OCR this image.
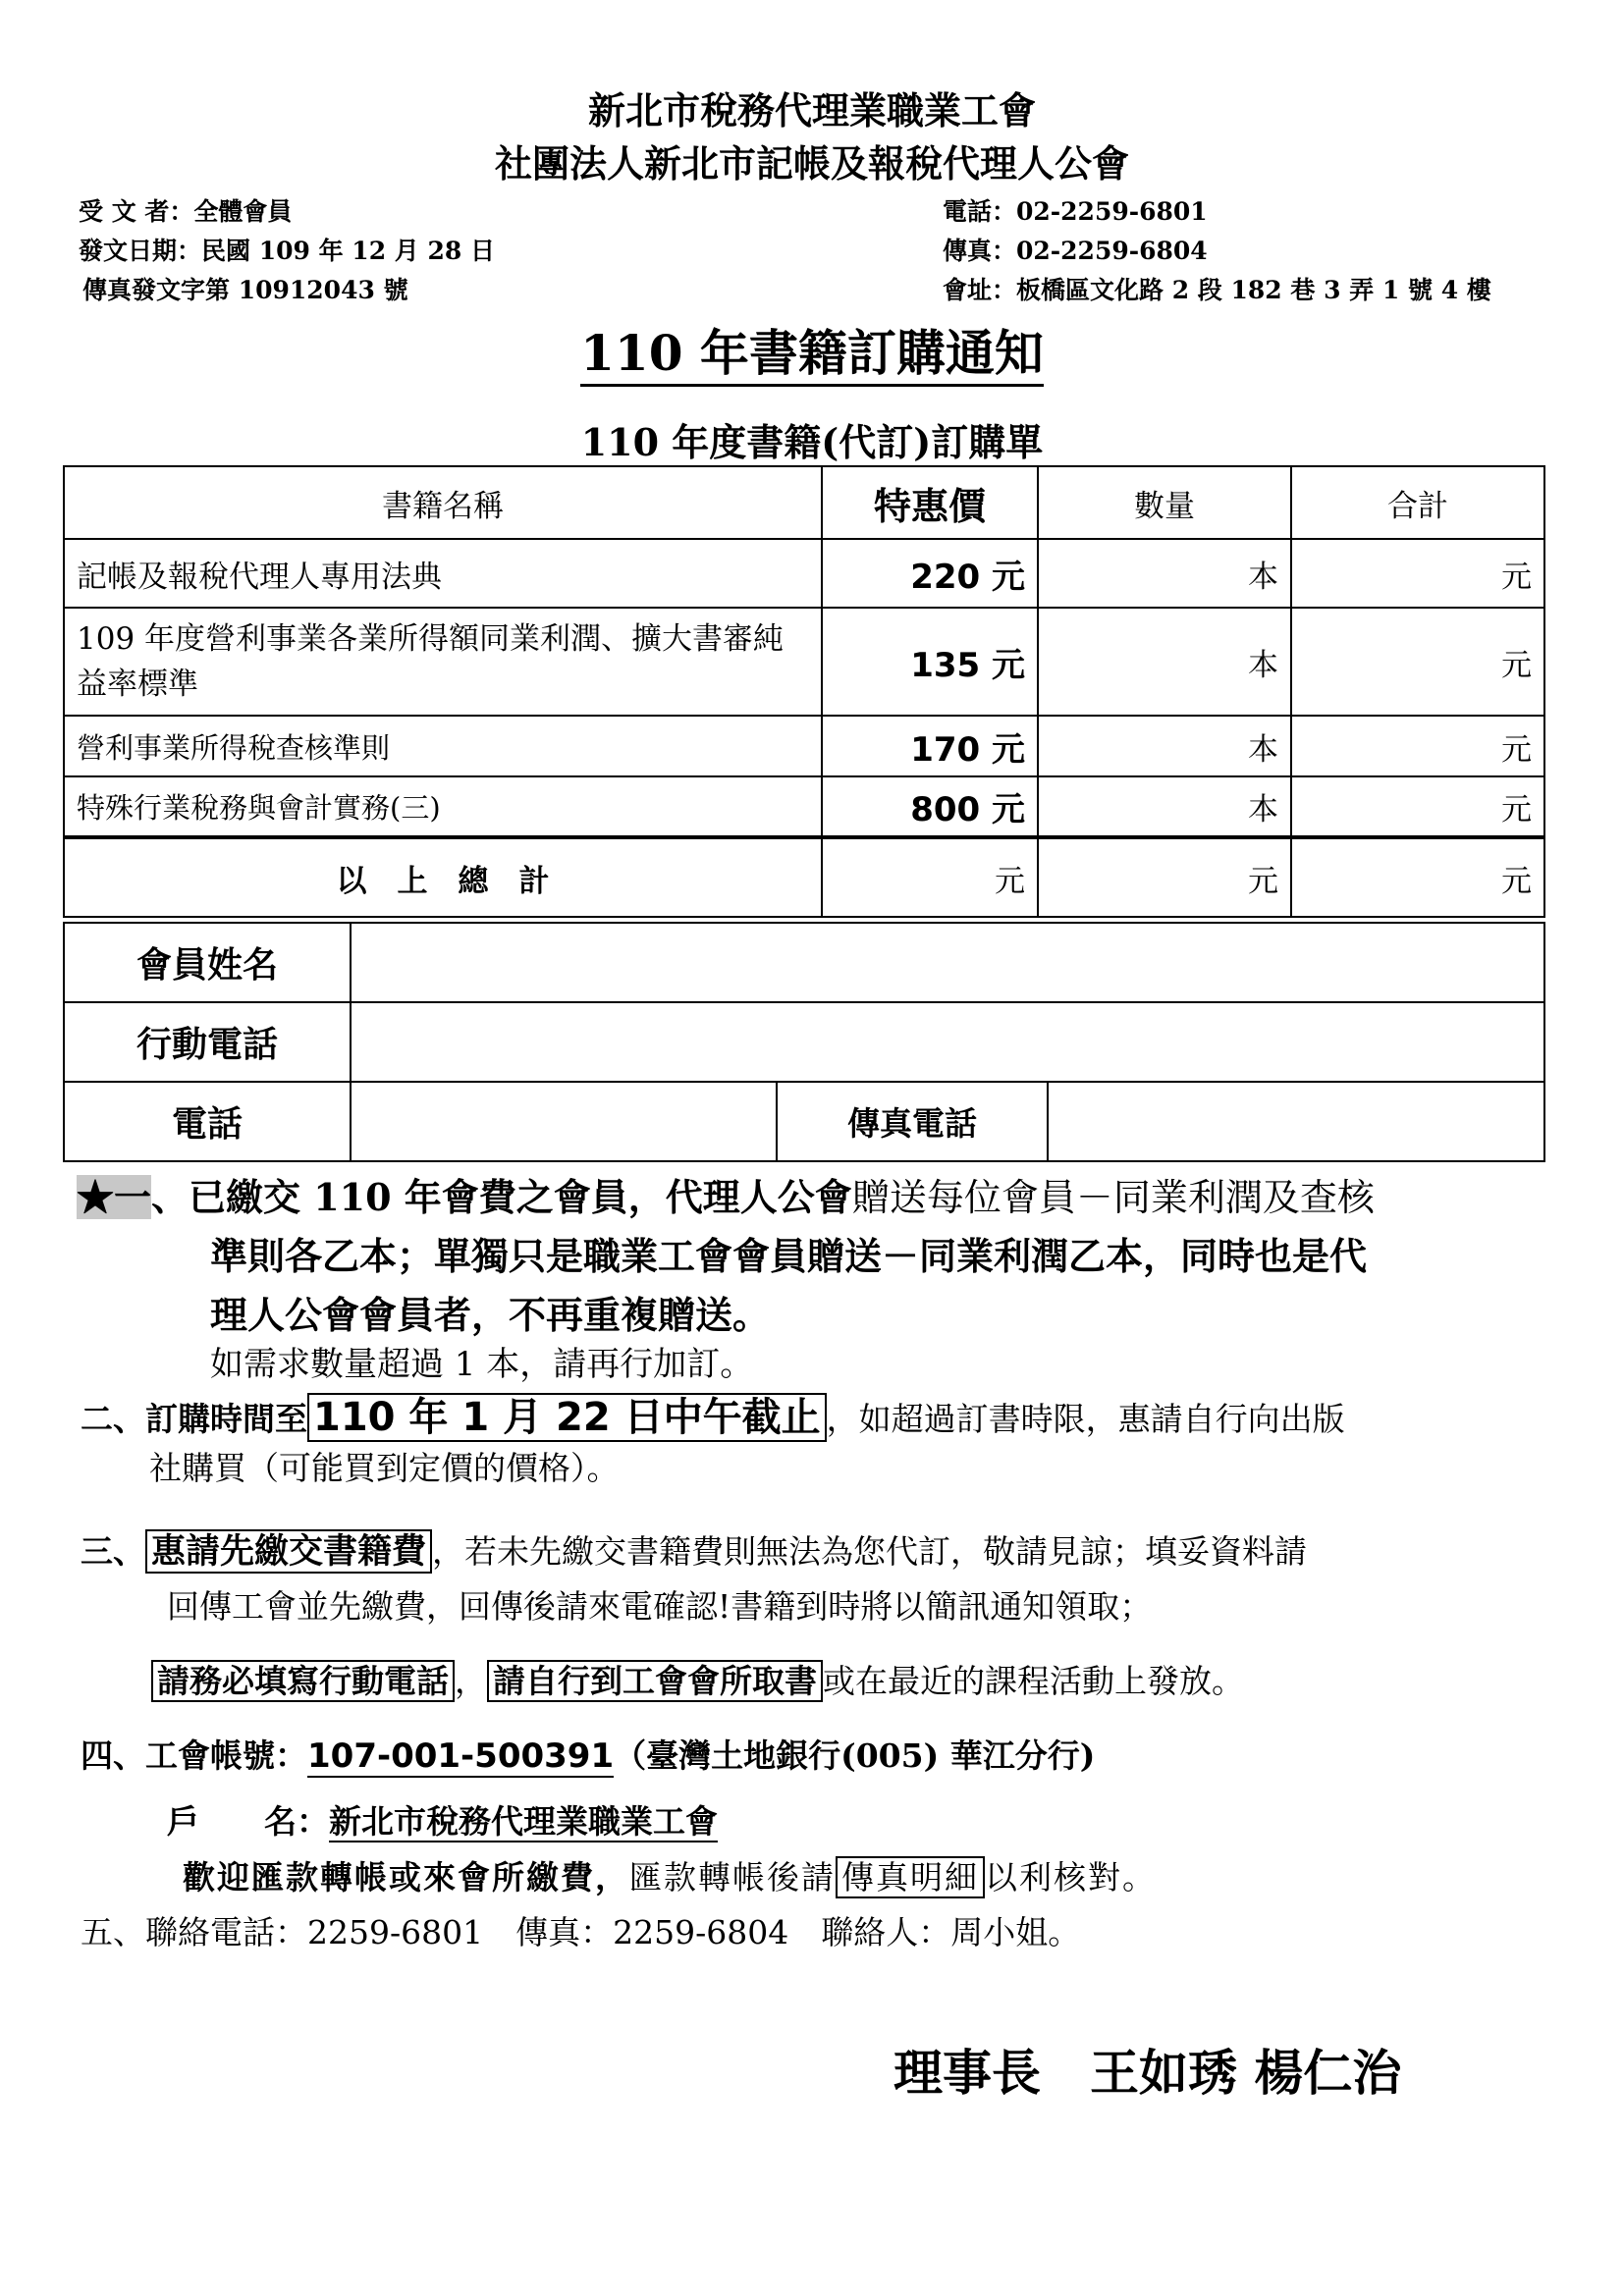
新北市稅務代理業職業工會
社團法人新北市記帳及報稅代理人公會
受 文 者：全體會員
發文日期：民國 109 年 12 月 28 日
傳真發文字第 10912043 號
電話：02-2259-6801
傳真：02-2259-6804
會址：板橋區文化路 2 段 182 巷 3 弄 1 號 4 樓
110 年書籍訂購通知
110 年度書籍(代訂)訂購單
書籍名稱	特惠價	數量	合計
記帳及報稅代理人專用法典	220 元	本	元
109 年度營利事業各業所得額同業利潤、擴大書審純益率標準	135 元	本	元
營利事業所得稅查核準則	170 元	本	元
特殊行業稅務與會計實務(三)	800 元	本	元
以　上　總　計	元	元	元
會員姓名			
行動電話			
電話		傳真電話	
★一、已繳交 110 年會費之會員，代理人公會贈送每位會員－同業利潤及查核
準則各乙本；單獨只是職業工會會員贈送－同業利潤乙本，同時也是代
理人公會會員者，不再重複贈送。
如需求數量超過 1 本，請再行加訂。
二、訂購時間至 110 年 1 月 22 日中午截止 ，如超過訂書時限，惠請自行向出版
社購買（可能買到定價的價格）。
三、 惠請先繳交書籍費 ，若未先繳交書籍費則無法為您代訂，敬請見諒；填妥資料請
回傳工會並先繳費，回傳後請來電確認!書籍到時將以簡訊通知領取；
請務必填寫行動電話 ， 請自行到工會會所取書 或在最近的課程活動上發放。
四、工會帳號：107-001-500391（臺灣土地銀行(005) 華江分行)
戶　　名：新北市稅務代理業職業工會
歡迎匯款轉帳或來會所繳費，匯款轉帳後請 傳真明細 以利核對。
五、聯絡電話：2259-6801　傳真：2259-6804　聯絡人：周小姐。
理事長　王如琇 楊仁治
